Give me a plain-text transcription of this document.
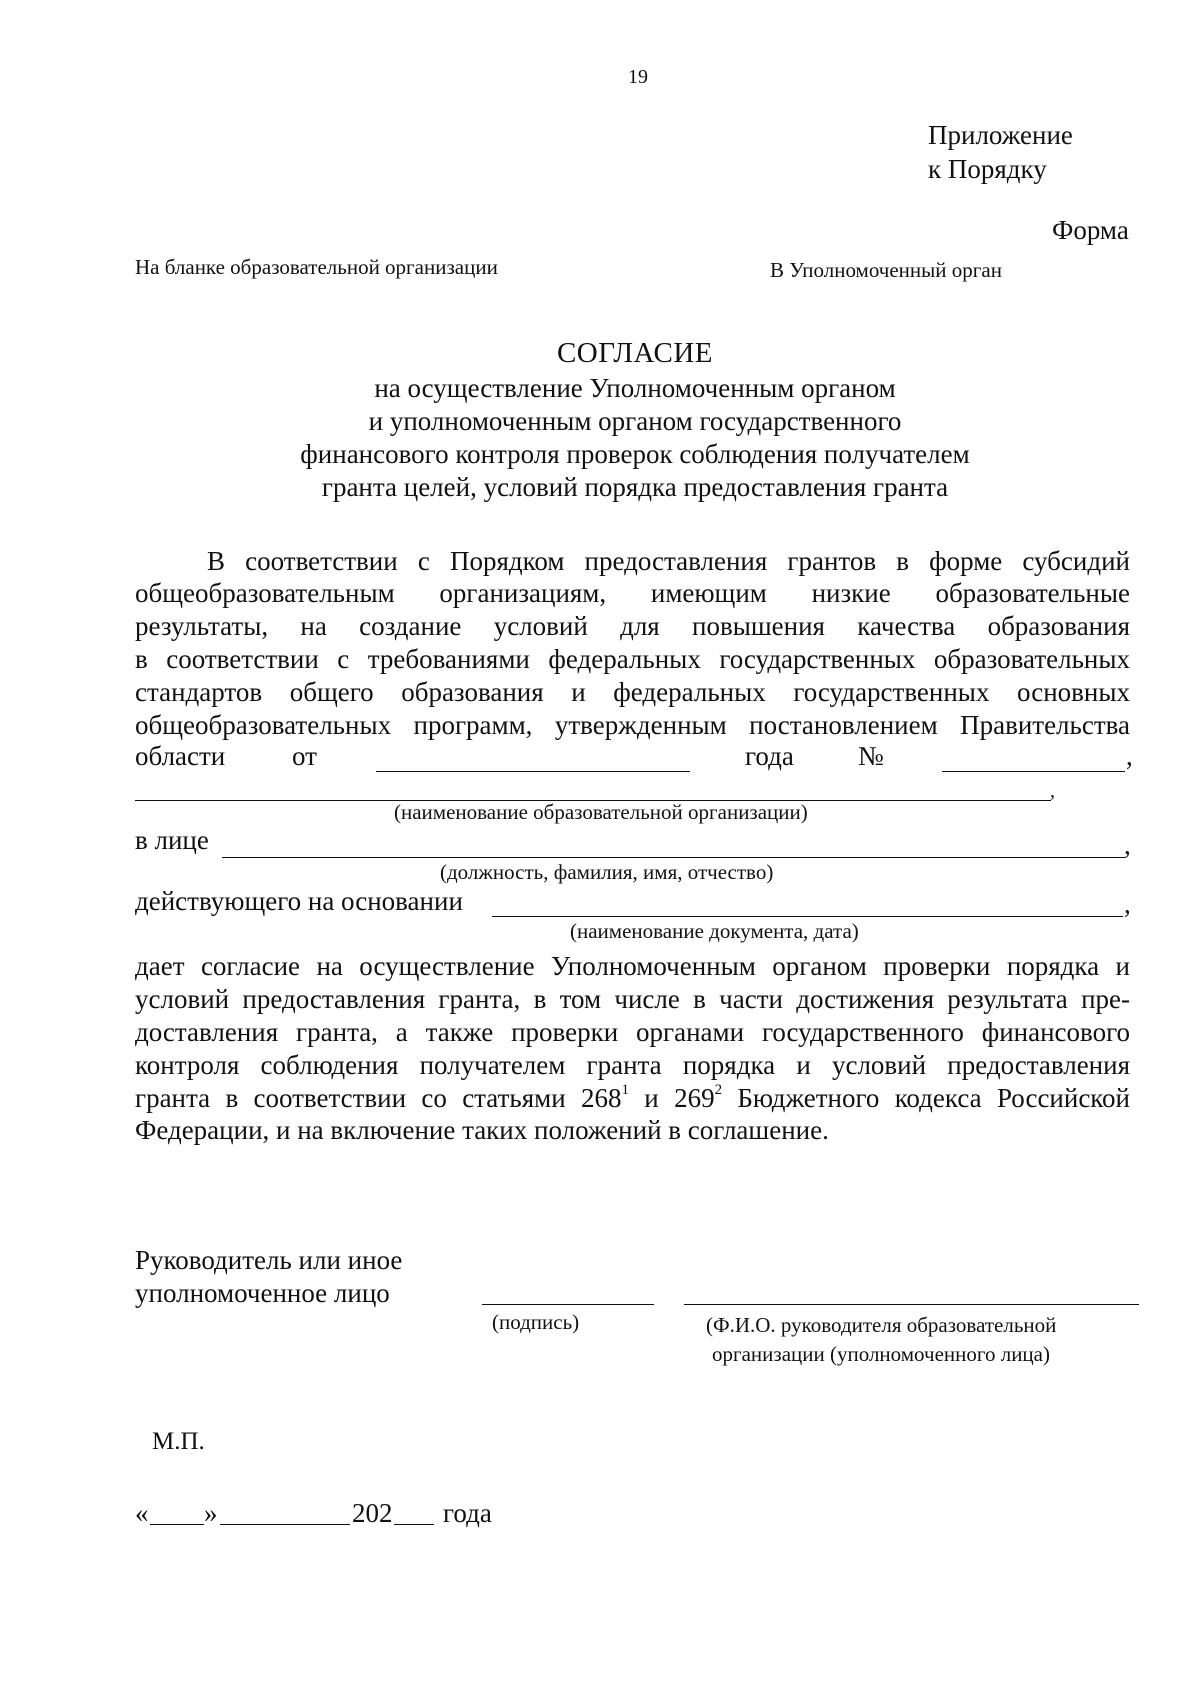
19
Приложение
к Порядку
Форма
На бланке образовательной организации	В Уполномоченный орган
СОГЛАСИЕ
на осуществление Уполномоченным органом
и уполномоченным органом государственного
финансового контроля проверок соблюдения получателем
гранта целей, условий порядка предоставления гранта
В соответствии с Порядком предоставления грантов в форме субсидий
общеобразовательным организациям, имеющим низкие образовательные
результаты, на создание условий для повышения качества образования
в соответствии с требованиями федеральных государственных образовательных
стандартов общего образования и федеральных государственных основных
общеобразовательных программ, утвержденным постановлением Правительства
области от	года №	,
,
(наименование образовательной организации)
в лице	,
(должность, фамилия, имя, отчество)
действующего на основании	,
(наименование документа, дата)
дает согласие на осуществление Уполномоченным органом проверки порядка и
условий предоставления гранта, в том числе в части достижения результата пре-
доставления гранта, а также проверки органами государственного финансового
контроля соблюдения получателем гранта порядка и условий предоставления
гранта в соответствии со статьями $268^1$ и $269^2$ Бюджетного кодекса Российской
Федерации, и на включение таких положений в соглашение.
Руководитель или иное
уполномоченное лицо
(подпись)	(Ф.И.О. руководителя образовательной
организации (уполномоченного лица)
М.П.
« »	202 года
